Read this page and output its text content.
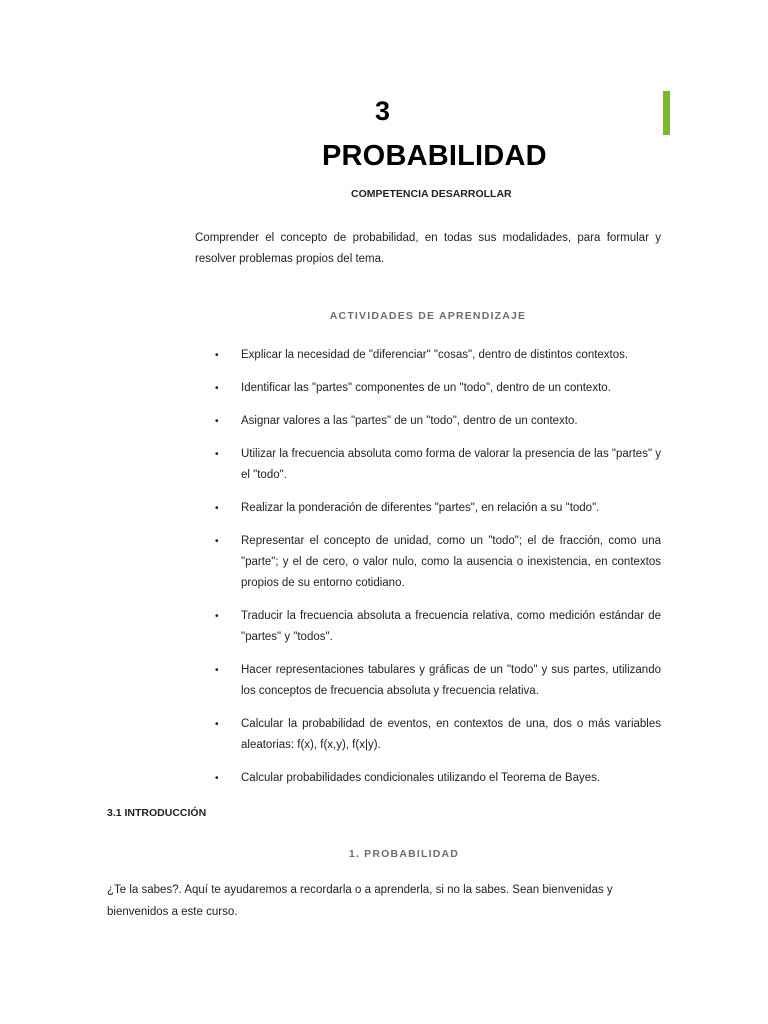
3
PROBABILIDAD
COMPETENCIA DESARROLLAR

Comprender el concepto de probabilidad, en todas sus modalidades, para formular y resolver problemas propios del tema.

ACTIVIDADES DE APRENDIZAJE
• Explicar la necesidad de "diferenciar" "cosas", dentro de distintos contextos.
• Identificar las "partes" componentes de un "todo", dentro de un contexto.
• Asignar valores a las "partes" de un "todo", dentro de un contexto.
• Utilizar la frecuencia absoluta como forma de valorar la presencia de las "partes" y el "todo".
• Realizar la ponderación de diferentes "partes", en relación a su "todo".
• Representar el concepto de unidad, como un "todo"; el de fracción, como una "parte"; y el de cero, o valor nulo, como la ausencia o inexistencia, en contextos propios de su entorno cotidiano.
• Traducir la frecuencia absoluta a frecuencia relativa, como medición estándar de "partes" y "todos".
• Hacer representaciones tabulares y gráficas de un "todo" y sus partes, utilizando los conceptos de frecuencia absoluta y frecuencia relativa.
• Calcular la probabilidad de eventos, en contextos de una, dos o más variables aleatorias: f(x), f(x,y), f(x|y).
• Calcular probabilidades condicionales utilizando el Teorema de Bayes.
3.1 INTRODUCCIÓN
1. PROBABILIDAD

¿Te la sabes?. Aquí te ayudaremos a recordarla o a aprenderla, si no la sabes. Sean bienvenidas y bienvenidos a este curso.
